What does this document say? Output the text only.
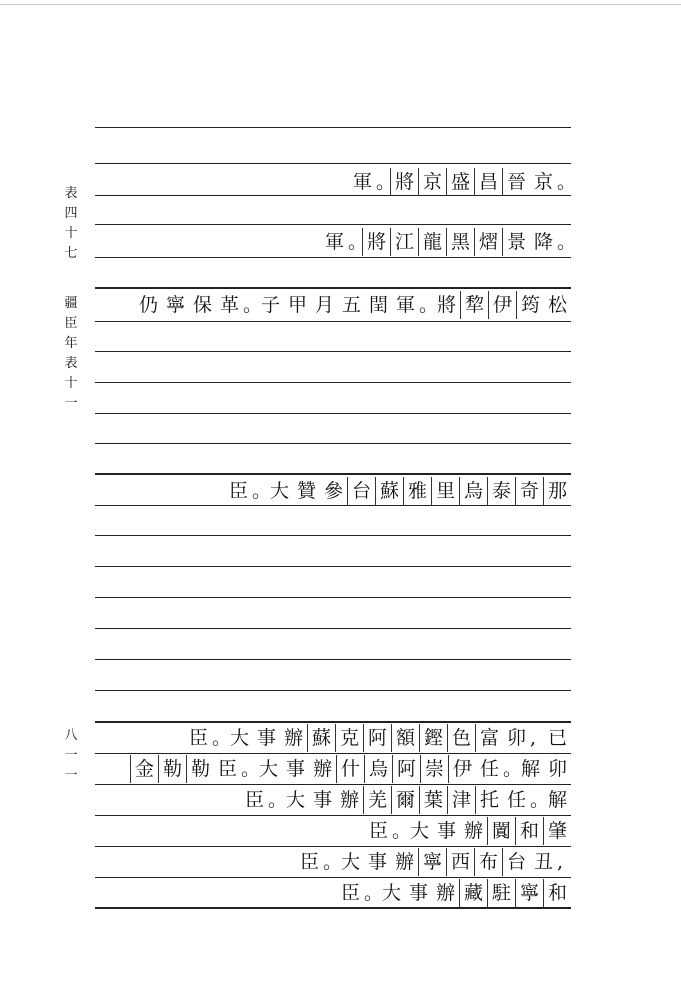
表
四
十
七
疆
臣
年
表
十
一
八
一
一
軍 。將 京 盛 昌 晉 京 。
軍 。將 江 龍 黑 熠 景 降 。
仍 寧 保 革 。子 甲 月 五 閏 軍 。將 犂 伊 筠 松
臣 。大 贊 參 台 蘇 雅 里 烏 泰 奇 那
臣 。大 事 辦 蘇 克 阿 額 鏗 色 富 卯 , 已
金 勒 勒 臣 。大 事 辦 什 烏 阿 崇 伊 任 。解 卯
臣 。大 事 辦 羌 爾 葉 津 托 任 。解
臣 。大 事 辦 闐 和 肇
臣 。大 事 辦 寧 西 布 台 丑 ,
臣 。大 事 辦 藏 駐 寧 和
